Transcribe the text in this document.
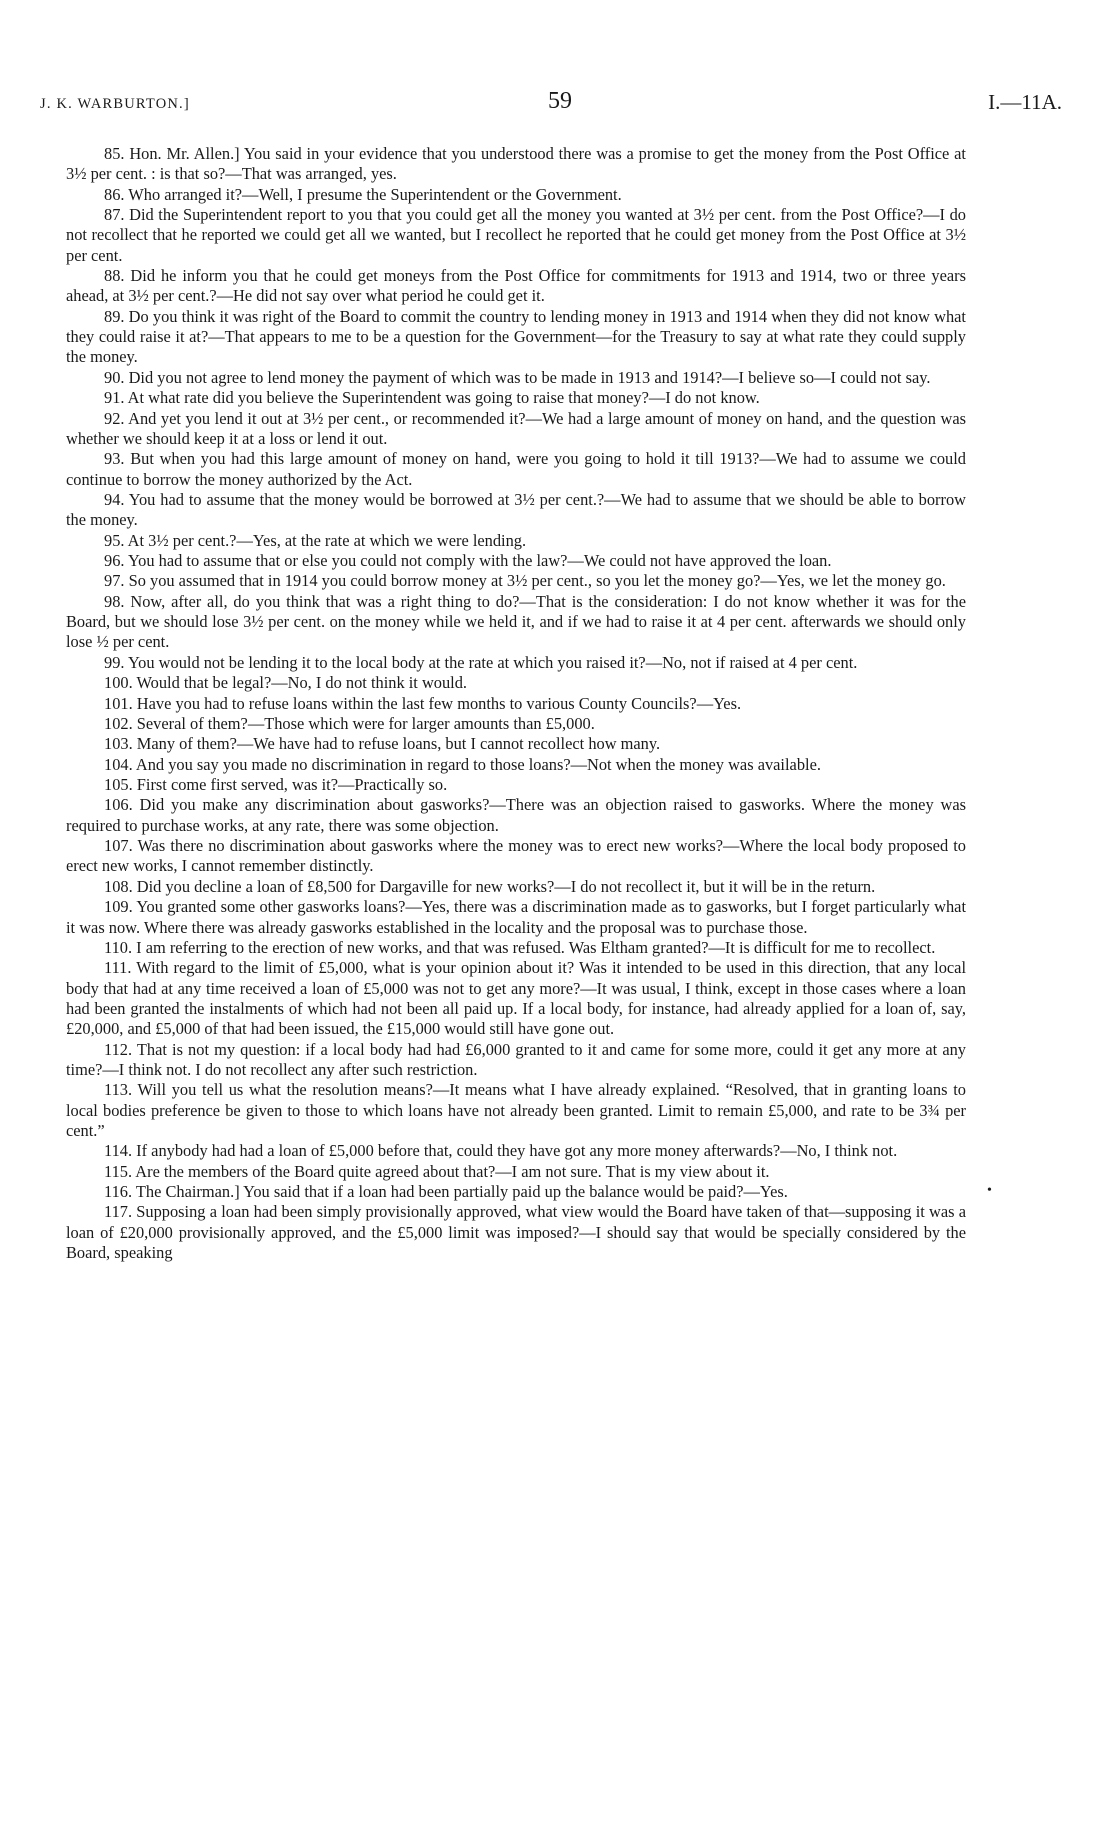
J. K. WARBURTON.]	59	I.—11A.

85. Hon. Mr. Allen.] You said in your evidence that you understood there was a promise to get the money from the Post Office at 3½ per cent. : is that so?—That was arranged, yes.

86. Who arranged it?—Well, I presume the Superintendent or the Government.

87. Did the Superintendent report to you that you could get all the money you wanted at 3½ per cent. from the Post Office?—I do not recollect that he reported we could get all we wanted, but I recollect he reported that he could get money from the Post Office at 3½ per cent.

88. Did he inform you that he could get moneys from the Post Office for commitments for 1913 and 1914, two or three years ahead, at 3½ per cent.?—He did not say over what period he could get it.

89. Do you think it was right of the Board to commit the country to lending money in 1913 and 1914 when they did not know what they could raise it at?—That appears to me to be a question for the Government—for the Treasury to say at what rate they could supply the money.

90. Did you not agree to lend money the payment of which was to be made in 1913 and 1914?—I believe so—I could not say.

91. At what rate did you believe the Superintendent was going to raise that money?—I do not know.

92. And yet you lend it out at 3½ per cent., or recommended it?—We had a large amount of money on hand, and the question was whether we should keep it at a loss or lend it out.

93. But when you had this large amount of money on hand, were you going to hold it till 1913?—We had to assume we could continue to borrow the money authorized by the Act.

94. You had to assume that the money would be borrowed at 3½ per cent.?—We had to assume that we should be able to borrow the money.

95. At 3½ per cent.?—Yes, at the rate at which we were lending.

96. You had to assume that or else you could not comply with the law?—We could not have approved the loan.

97. So you assumed that in 1914 you could borrow money at 3½ per cent., so you let the money go?—Yes, we let the money go.

98. Now, after all, do you think that was a right thing to do?—That is the consideration: I do not know whether it was for the Board, but we should lose 3½ per cent. on the money while we held it, and if we had to raise it at 4 per cent. afterwards we should only lose ½ per cent.

99. You would not be lending it to the local body at the rate at which you raised it?—No, not if raised at 4 per cent.

100. Would that be legal?—No, I do not think it would.

101. Have you had to refuse loans within the last few months to various County Councils?—Yes.

102. Several of them?—Those which were for larger amounts than £5,000.

103. Many of them?—We have had to refuse loans, but I cannot recollect how many.

104. And you say you made no discrimination in regard to those loans?—Not when the money was available.

105. First come first served, was it?—Practically so.

106. Did you make any discrimination about gasworks?—There was an objection raised to gasworks. Where the money was required to purchase works, at any rate, there was some objection.

107. Was there no discrimination about gasworks where the money was to erect new works?—Where the local body proposed to erect new works, I cannot remember distinctly.

108. Did you decline a loan of £8,500 for Dargaville for new works?—I do not recollect it, but it will be in the return.

109. You granted some other gasworks loans?—Yes, there was a discrimination made as to gasworks, but I forget particularly what it was now. Where there was already gasworks established in the locality and the proposal was to purchase those.

110. I am referring to the erection of new works, and that was refused. Was Eltham granted?—It is difficult for me to recollect.

111. With regard to the limit of £5,000, what is your opinion about it? Was it intended to be used in this direction, that any local body that had at any time received a loan of £5,000 was not to get any more?—It was usual, I think, except in those cases where a loan had been granted the instalments of which had not been all paid up. If a local body, for instance, had already applied for a loan of, say, £20,000, and £5,000 of that had been issued, the £15,000 would still have gone out.

112. That is not my question: if a local body had had £6,000 granted to it and came for some more, could it get any more at any time?—I think not. I do not recollect any after such restriction.

113. Will you tell us what the resolution means?—It means what I have already explained. “Resolved, that in granting loans to local bodies preference be given to those to which loans have not already been granted. Limit to remain £5,000, and rate to be 3¾ per cent.”

114. If anybody had had a loan of £5,000 before that, could they have got any more money afterwards?—No, I think not.

115. Are the members of the Board quite agreed about that?—I am not sure. That is my view about it.

116. The Chairman.] You said that if a loan had been partially paid up the balance would be paid?—Yes.

117. Supposing a loan had been simply provisionally approved, what view would the Board have taken of that—supposing it was a loan of £20,000 provisionally approved, and the £5,000 limit was imposed?—I should say that would be specially considered by the Board, speaking

•
